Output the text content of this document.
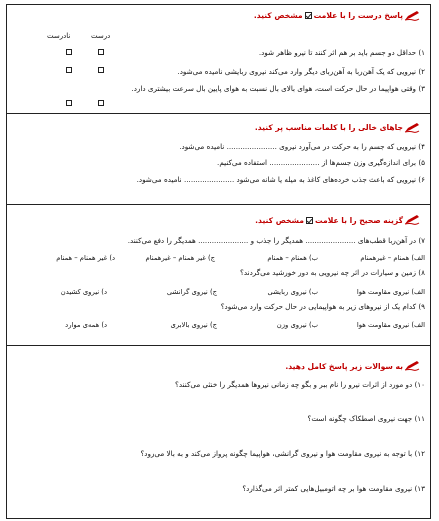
پاسخ درست را با علامتمشخص کنید.
درست
نادرست
۱) حداقل دو جسم باید بر هم اثر کنند تا نیرو ظاهر شود.
۲) نیرویی که یک آهن‌ربا به آهن‌ربای دیگر وارد می‌کند نیروی ربایشی نامیده می‌شود.
۳) وقتی هواپیما در حال حرکت است، هوای بالای بال نسبت به هوای پایین بال سرعت بیشتری دارد.
جاهای خالی را با کلمات مناسب پر کنید.
۴) نیرویی که جسم را به حرکت در می‌آورد نیروی ...................... نامیده می‌شود.
۵) برای اندازه‌گیری وزن جسم‌ها از ...................... استفاده می‌کنیم.
۶) نیرویی که باعث جذب خرده‌های کاغذ به میله یا شانه می‌شود ...................... نامیده می‌شود.
گزینه صحیح را با علامتمشخص کنید.
۷) در آهن‌ربا قطب‌های ...................... همدیگر را جذب و ...................... همدیگر را دفع می‌کنند.
الف) همنام – غیرهمنام
ب) همنام – همنام
ج) غیر همنام – غیرهمنام
د) غیر همنام – همنام
۸) زمین و سیارات در اثر چه نیرویی به دور خورشید می‌گردند؟
الف) نیروی مقاومت هوا
ب) نیروی ربایشی
ج) نیروی گرانشی
د) نیروی کشیدن
۹) کدام یک از نیروهای زیر به هواپیمایی در حال حرکت وارد می‌شود؟
الف) نیروی مقاومت هوا
ب) نیروی وزن
ج) نیروی بالابری
د) همه‌ی موارد
به سوالات زیر پاسخ کامل دهید.
۱۰) دو مورد از اثرات نیرو را نام ببر و بگو چه زمانی نیروها همدیگر را خنثی می‌کنند؟
۱۱) جهت نیروی اصطکاک چگونه است؟
۱۲) با توجه به نیروی مقاومت هوا و نیروی گرانشی، هواپیما چگونه پرواز می‌کند و به بالا می‌رود؟
۱۳) نیروی مقاومت هوا بر چه اتومبیل‌هایی کمتر اثر می‌گذارد؟
